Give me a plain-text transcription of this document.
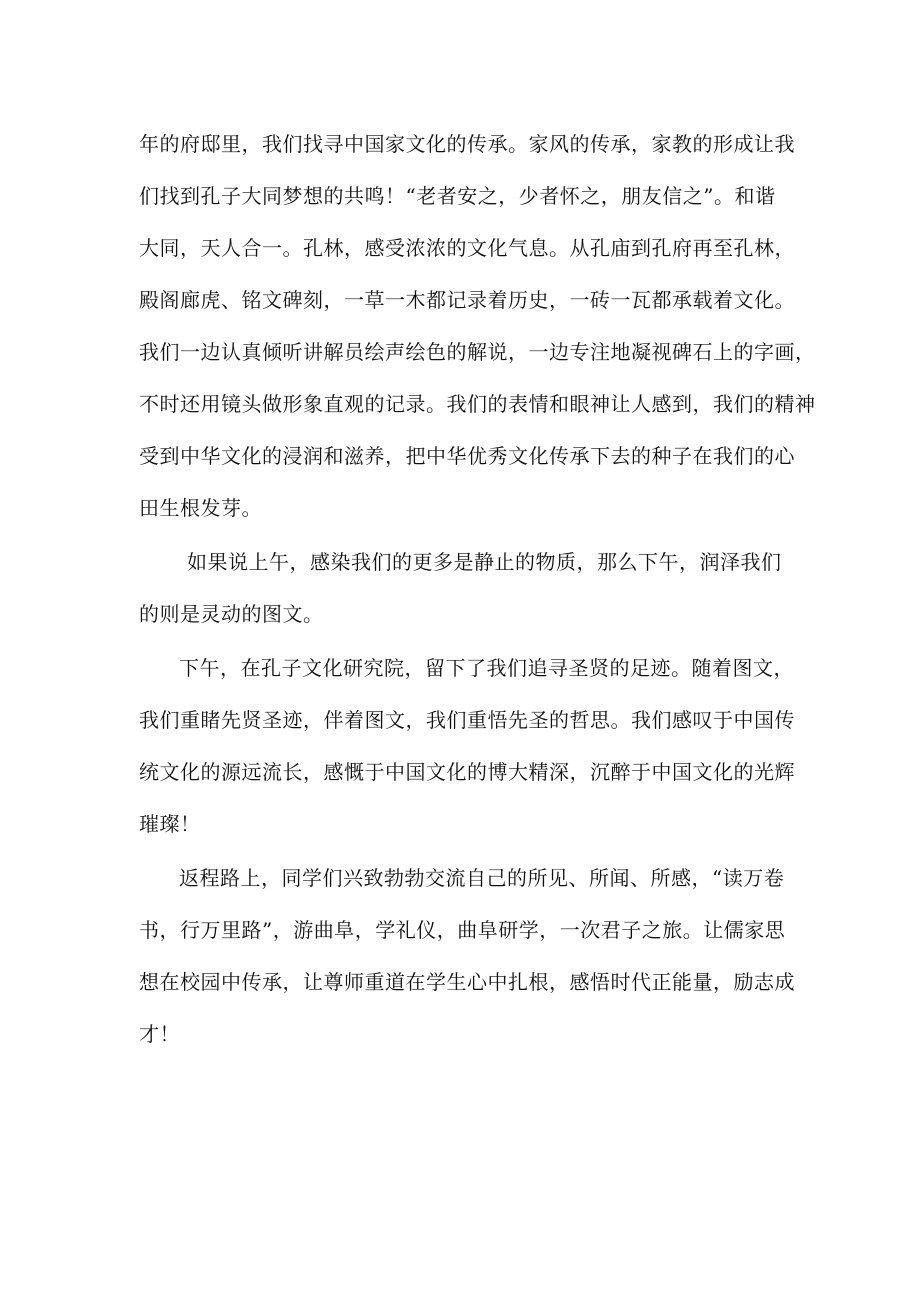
年的府邸里，我们找寻中国家文化的传承。家风的传承，家教的形成让我
们找到孔子大同梦想的共鸣！“老者安之，少者怀之，朋友信之”。和谐
大同，天人合一。孔林，感受浓浓的文化气息。从孔庙到孔府再至孔林，
殿阁廊虎、铭文碑刻，一草一木都记录着历史，一砖一瓦都承载着文化。
我们一边认真倾听讲解员绘声绘色的解说，一边专注地凝视碑石上的字画，
不时还用镜头做形象直观的记录。我们的表情和眼神让人感到，我们的精神
受到中华文化的浸润和滋养，把中华优秀文化传承下去的种子在我们的心
田生根发芽。
如果说上午，感染我们的更多是静止的物质，那么下午，润泽我们
的则是灵动的图文。
下午，在孔子文化研究院，留下了我们追寻圣贤的足迹。随着图文，
我们重睹先贤圣迹，伴着图文，我们重悟先圣的哲思。我们感叹于中国传
统文化的源远流长，感慨于中国文化的博大精深，沉醉于中国文化的光辉
璀璨！
返程路上，同学们兴致勃勃交流自己的所见、所闻、所感，“读万卷
书，行万里路”，游曲阜，学礼仪，曲阜研学，一次君子之旅。让儒家思
想在校园中传承，让尊师重道在学生心中扎根，感悟时代正能量，励志成
才！
